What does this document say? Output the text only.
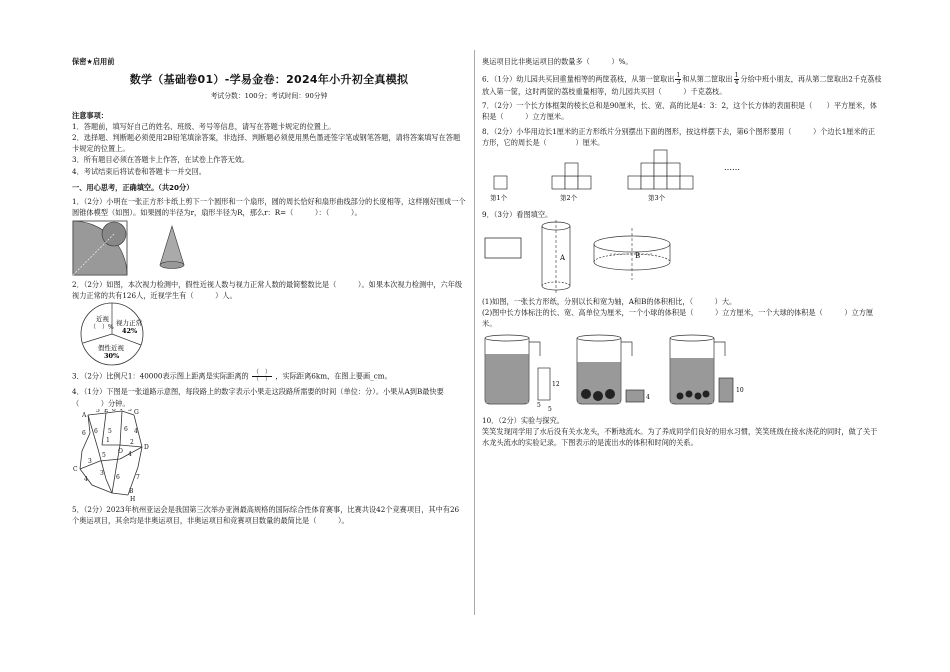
保密★启用前

数学（基础卷01）-学易金卷：2024年小升初全真模拟

考试分数：100分；考试时间：90分钟

注意事项：

1．答题前，填写好自己的姓名、班级、考号等信息，请写在答题卡规定的位置上。

2．选择题、判断题必须使用2B铅笔填涂答案，非选择、判断题必须使用黑色墨迹签字笔或钢笔答题，请将答案填写在答题卡规定的位置上。

3．所有题目必须在答题卡上作答，在试卷上作答无效。

4．考试结束后将试卷和答题卡一并交回。

一、用心思考，正确填空。（共20分）

1．（2分）小明在一张正方形卡纸上剪下一个圆形和一个扇形，圆的周长恰好和扇形曲线部分的长度相等，这样刚好围成一个圆锥体模型（如图）。如果圆的半径为r，扇形半径为R，那么r：R=（　　　）：（　　　）。

2．（2分）如图，本次视力检测中，假性近视人数与视力正常人数的最简整数比是（　　　）。如果本次视力检测中，六年级视力正常的共有126人，近视学生有（　　　）人。

近视
（　）%
视力正常
42%
假性近视
30%

3．（2分）比例尺1：40000表示图上距离是实际距离的 $\frac{( )}{( )}$ ，实际距离6km，在图上要画_cm。

4．（1分）下图是一张道路示意图，每段路上的数字表示小果走这段路所需要的时间（单位：分）。小果从A到B最快要（　　　）分钟。

A
E	G
O
C
D
B
H
5 8 3
6 6 5 6 4
1	2
3
5	4
4
3
6	7

5．（2分）2023年杭州亚运会是我国第三次举办亚洲最高规格的国际综合性体育赛事，比赛共设42个竞赛项目，其中有26个奥运项目，其余均是非奥运项目，非奥运项目和竞赛项目数量的最简比是（　　　）。

奥运项目比非奥运项目的数量多（　　　）%。

6．（1分）幼儿园共买回重量相等的两筐荔枝，从第一筐取出 $\frac{1}{3}$ 和从第二筐取出 $\frac{1}{4}$ 分给中班小朋友，再从第二筐取出2千克荔枝放入第一筐，这时两筐的荔枝重量相等，幼儿园共买回（　　　）千克荔枝。

7．（2分）一个长方体框架的棱长总和是90厘米，长、宽、高的比是4：3：2，这个长方体的表面积是（　　）平方厘米，体积是（　　　）立方厘米。

8．（2分）小华用边长1厘米的正方形纸片分别摆出下面的图形，按这样摆下去，第6个图形要用（　　　）个边长1厘米的正方形，它的周长是（　　　　）厘米。

第1个	第2个	第3个
……

9．（3分）看图填空。

A	B

(1)如图，一张长方形纸，分别以长和宽为轴，A和B的体积相比，（　　　）大。

(2)图中长方体标注的长、宽、高单位为厘米，一个小球的体积是（　　　）立方厘米，一个大球的体积是（　　　）立方厘米。

12
5
5
4
10

10．（2分）实验与探究。

笑笑发现同学用了水后没有关水龙头，不断地流水。为了养成同学们良好的用水习惯，笑笑班级在接水浇花的同时，做了关于水龙头流水的实验记录。下图表示的是流出水的体积和时间的关系。
